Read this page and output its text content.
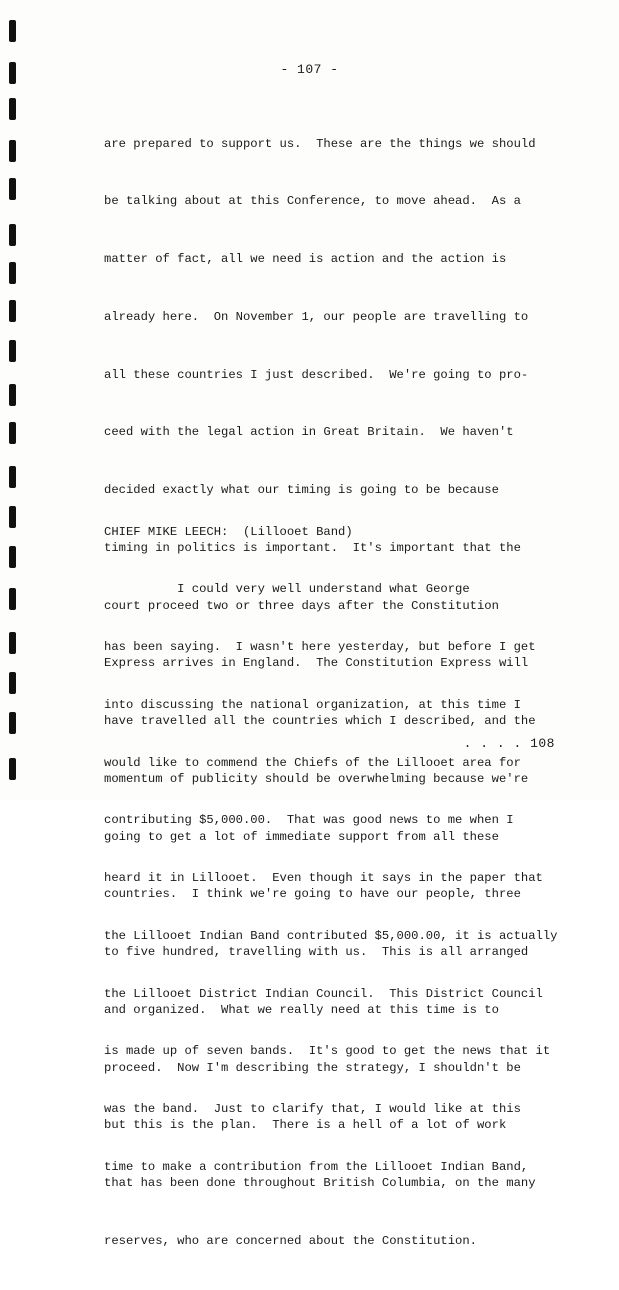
- 107 -

are prepared to support us.  These are the things we should

be talking about at this Conference, to move ahead.  As a

matter of fact, all we need is action and the action is

already here.  On November 1, our people are travelling to

all these countries I just described.  We're going to pro-

ceed with the legal action in Great Britain.  We haven't

decided exactly what our timing is going to be because

timing in politics is important.  It's important that the

court proceed two or three days after the Constitution

Express arrives in England.  The Constitution Express will

have travelled all the countries which I described, and the

momentum of publicity should be overwhelming because we're

going to get a lot of immediate support from all these

countries.  I think we're going to have our people, three

to five hundred, travelling with us.  This is all arranged

and organized.  What we really need at this time is to

proceed.  Now I'm describing the strategy, I shouldn't be

but this is the plan.  There is a hell of a lot of work

that has been done throughout British Columbia, on the many

reserves, who are concerned about the Constitution.

CHIEF MIKE LEECH:  (Lillooet Band)

I could very well understand what George

has been saying.  I wasn't here yesterday, but before I get

into discussing the national organization, at this time I

would like to commend the Chiefs of the Lillooet area for

contributing $5,000.00.  That was good news to me when I

heard it in Lillooet.  Even though it says in the paper that

the Lillooet Indian Band contributed $5,000.00, it is actually

the Lillooet District Indian Council.  This District Council

is made up of seven bands.  It's good to get the news that it

was the band.  Just to clarify that, I would like at this

time to make a contribution from the Lillooet Indian Band,

. . . . 108
